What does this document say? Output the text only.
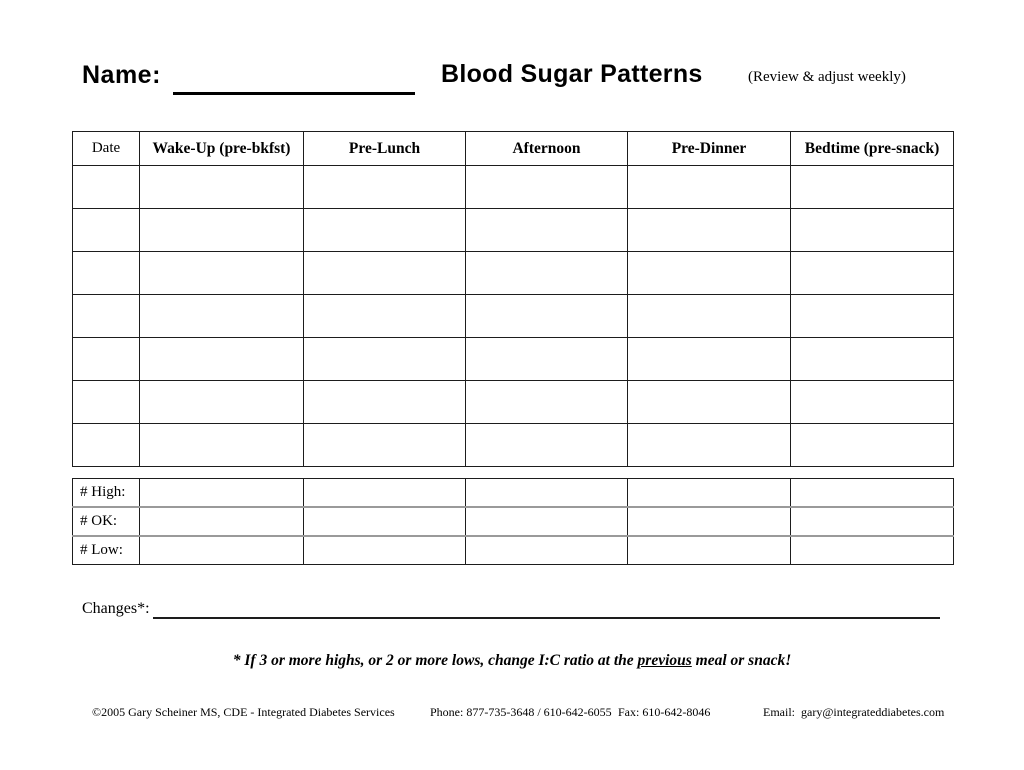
Name:	Blood Sugar Patterns	(Review & adjust weekly)
Date	Wake-Up (pre-bkfst)	Pre-Lunch	Afternoon	Pre-Dinner	Bedtime (pre-snack)

# High:					
# OK:					
# Low:					
Changes*:
* If 3 or more highs, or 2 or more lows, change I:C ratio at the previous meal or snack!
©2005 Gary Scheiner MS, CDE - Integrated Diabetes Services	Phone: 877-735-3648 / 610-642-6055 Fax: 610-642-8046	Email:  gary@integrateddiabetes.com
